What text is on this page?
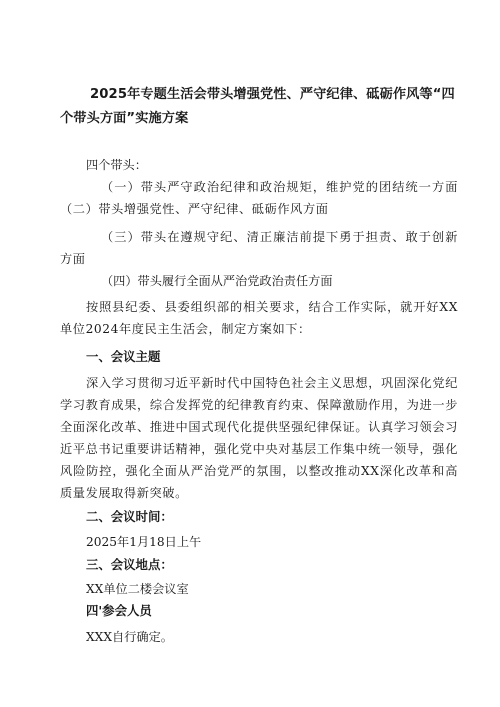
2025年专题生活会带头增强党性、严守纪律、砥砺作风等“四个带头方面”实施方案
四个带头：
（一）带头严守政治纪律和政治规矩，维护党的团结统一方面（二）带头增强党性、严守纪律、砥砺作风方面
（三）带头在遵规守纪、清正廉洁前提下勇于担责、敢于创新方面
（四）带头履行全面从严治党政治责任方面
按照县纪委、县委组织部的相关要求，结合工作实际，就开好XX单位2024年度民主生活会，制定方案如下：
一、会议主题
深入学习贯彻习近平新时代中国特色社会主义思想，巩固深化党纪学习教育成果，综合发挥党的纪律教育约束、保障激励作用，为进一步全面深化改革、推进中国式现代化提供坚强纪律保证。认真学习领会习近平总书记重要讲话精神，强化党中央对基层工作集中统一领导，强化风险防控，强化全面从严治党严的氛围，以整改推动XX深化改革和高质量发展取得新突破。
二、会议时间：
2025年1月18日上午
三、会议地点：
XX单位二楼会议室
四'参会人员
XXX自行确定。
